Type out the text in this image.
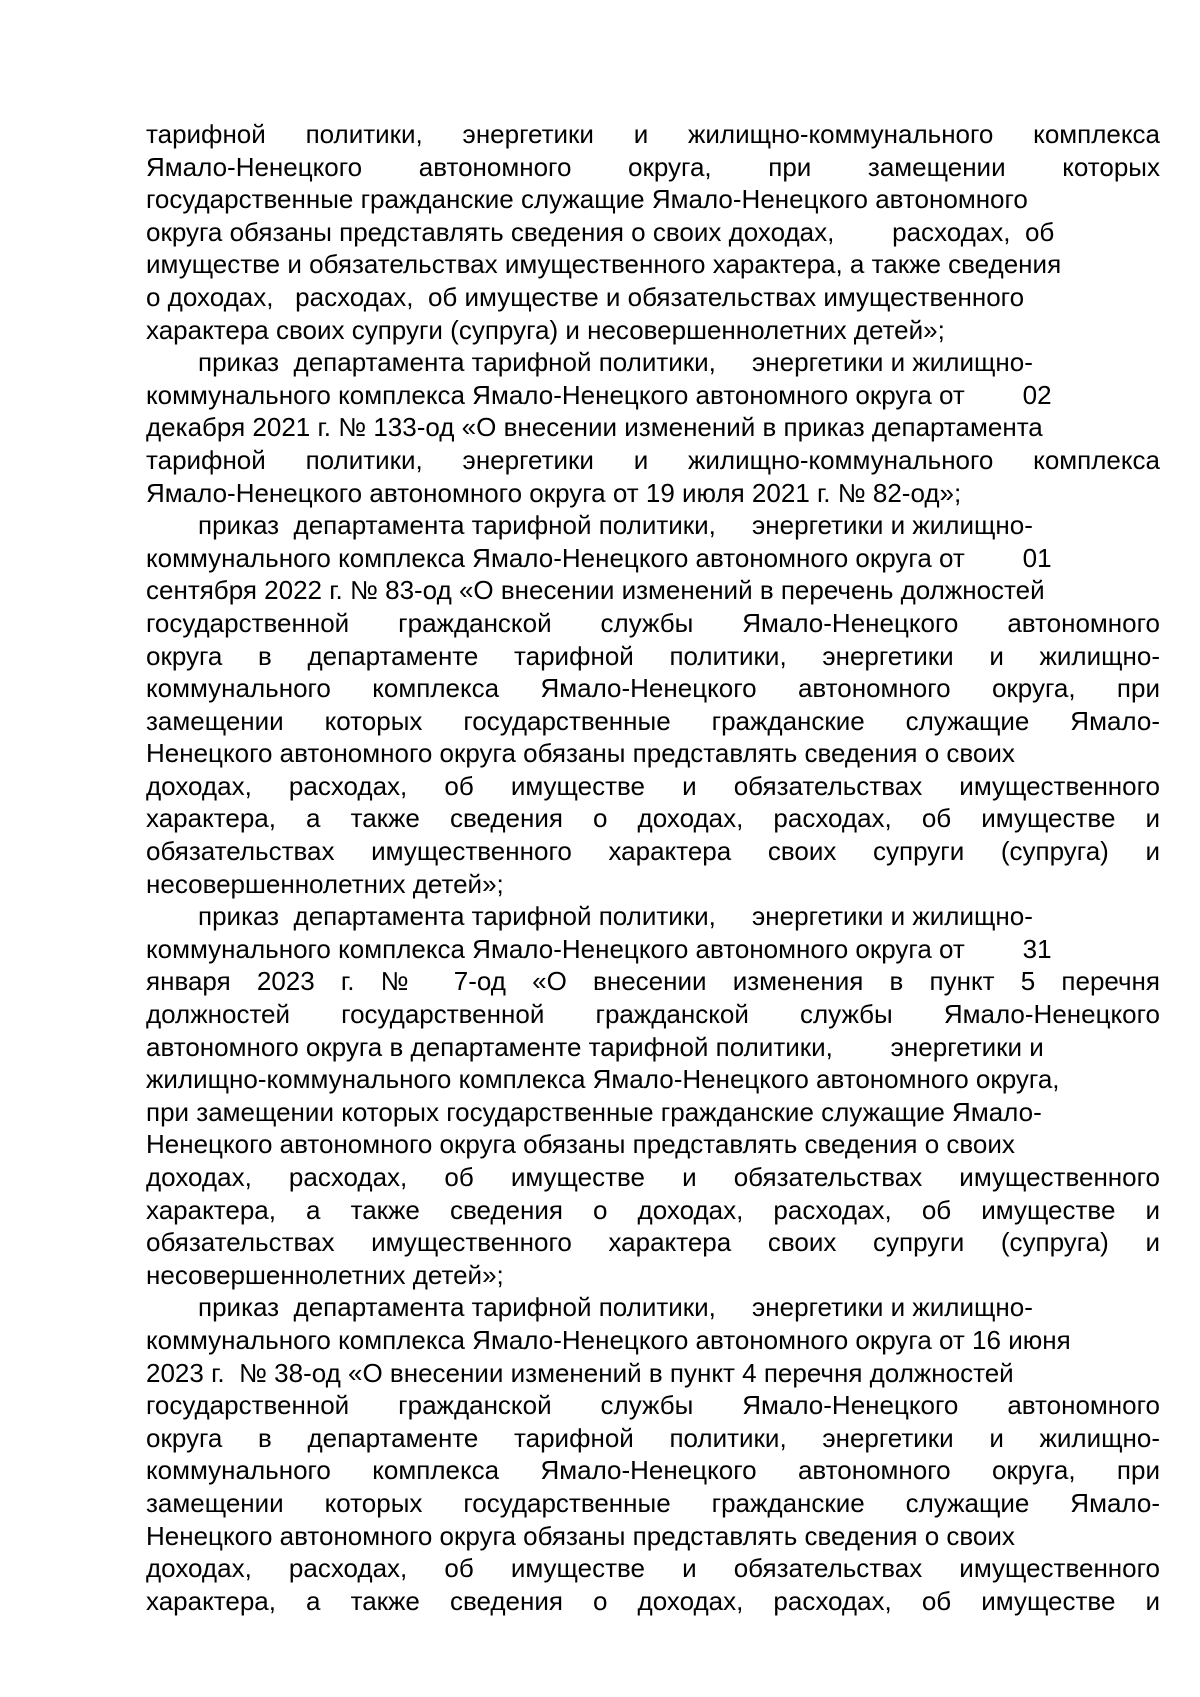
тарифной политики, энергетики и жилищно-коммунального комплекса
Ямало-Ненецкого автономного округа, при замещении которых
государственные гражданские служащие Ямало-Ненецкого автономного
округа обязаны представлять сведения о своих доходах,        расходах,  об
имуществе и обязательствах имущественного характера, а также сведения
о доходах,   расходах,  об имуществе и обязательствах имущественного
характера своих супруги (супруга) и несовершеннолетних детей»;
приказ  департамента тарифной политики,     энергетики и жилищно-
коммунального комплекса Ямало-Ненецкого автономного округа от        02
декабря 2021 г. № 133-од «О внесении изменений в приказ департамента
тарифной политики, энергетики и жилищно-коммунального комплекса
Ямало-Ненецкого автономного округа от 19 июля 2021 г. № 82-од»;
приказ  департамента тарифной политики,     энергетики и жилищно-
коммунального комплекса Ямало-Ненецкого автономного округа от        01
сентября 2022 г. № 83-од «О внесении изменений в перечень должностей
государственной гражданской службы Ямало-Ненецкого автономного
округа в департаменте тарифной политики, энергетики и жилищно-
коммунального комплекса Ямало-Ненецкого автономного округа, при
замещении которых государственные гражданские служащие Ямало-
Ненецкого автономного округа обязаны представлять сведения о своих
доходах, расходах, об имуществе и обязательствах имущественного
характера, а также сведения о доходах, расходах, об имуществе и
обязательствах имущественного характера своих супруги (супруга) и
несовершеннолетних детей»;
приказ  департамента тарифной политики,     энергетики и жилищно-
коммунального комплекса Ямало-Ненецкого автономного округа от        31
января 2023 г. № 7-од «О внесении изменения в пункт 5 перечня
должностей государственной гражданской службы Ямало-Ненецкого
автономного округа в департаменте тарифной политики,        энергетики и
жилищно-коммунального комплекса Ямало-Ненецкого автономного округа,
при замещении которых государственные гражданские служащие Ямало-
Ненецкого автономного округа обязаны представлять сведения о своих
доходах, расходах, об имуществе и обязательствах имущественного
характера, а также сведения о доходах, расходах, об имуществе и
обязательствах имущественного характера своих супруги (супруга) и
несовершеннолетних детей»;
приказ  департамента тарифной политики,     энергетики и жилищно-
коммунального комплекса Ямало-Ненецкого автономного округа от 16 июня
2023 г.  № 38-од «О внесении изменений в пункт 4 перечня должностей
государственной гражданской службы Ямало-Ненецкого автономного
округа в департаменте тарифной политики, энергетики и жилищно-
коммунального комплекса Ямало-Ненецкого автономного округа, при
замещении которых государственные гражданские служащие Ямало-
Ненецкого автономного округа обязаны представлять сведения о своих
доходах, расходах, об имуществе и обязательствах имущественного
характера, а также сведения о доходах, расходах, об имуществе и
